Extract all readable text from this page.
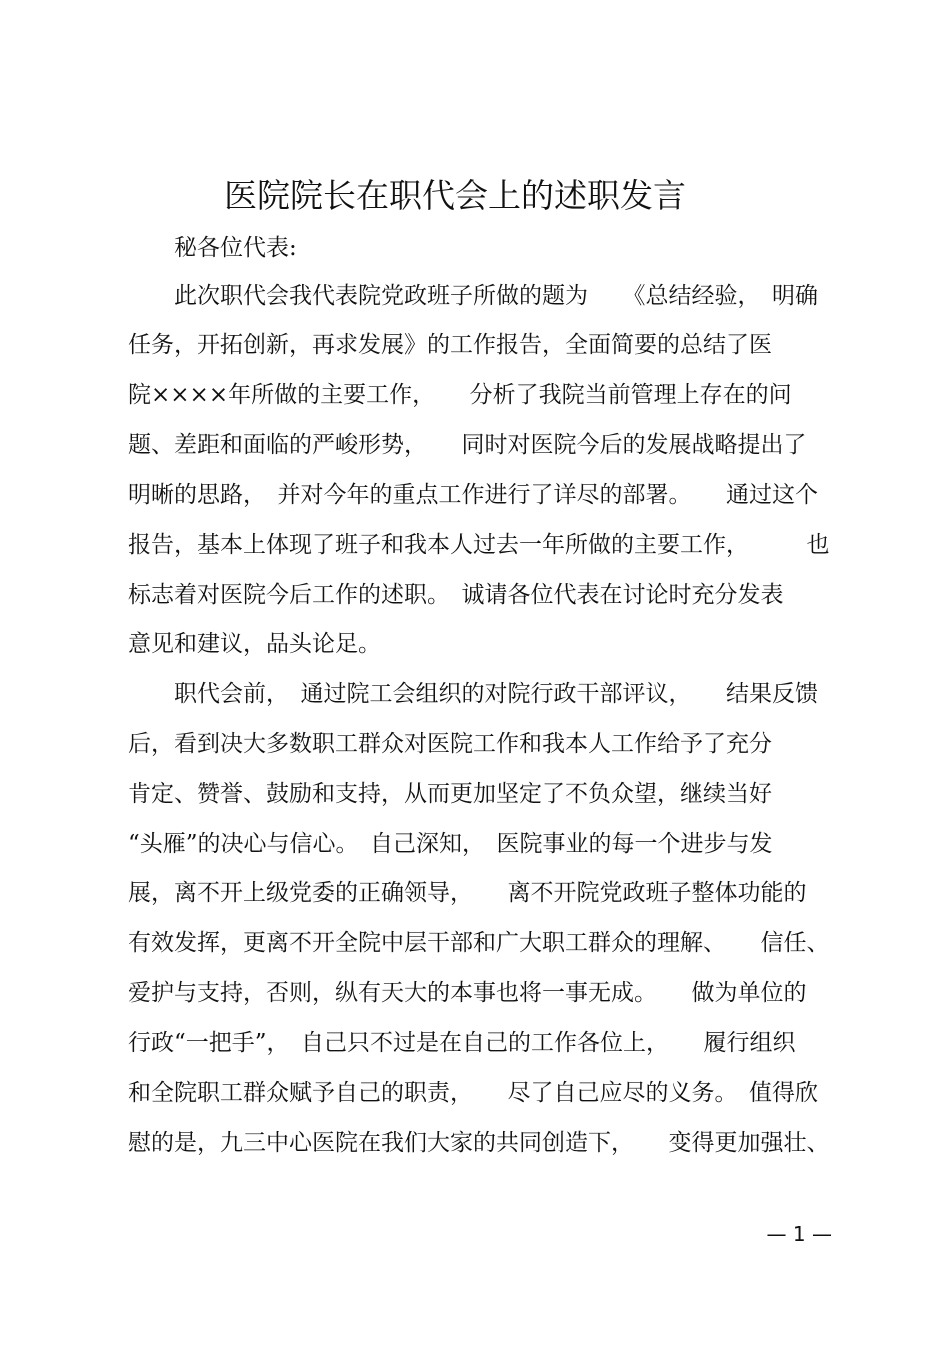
医院院长在职代会上的述职发言
　　秘各位代表:
　　此次职代会我代表院党政班子所做的题为　　《总结经验，　明确
任务，开拓创新，再求发展》的工作报告，全面简要的总结了医
院××××年所做的主要工作，　　分析了我院当前管理上存在的问
题、差距和面临的严峻形势，　　同时对医院今后的发展战略提出了
明晰的思路，　并对今年的重点工作进行了详尽的部署。　　通过这个
报告，基本上体现了班子和我本人过去一年所做的主要工作，　　　也
标志着对医院今后工作的述职。　诚请各位代表在讨论时充分发表
意见和建议，品头论足。
　　职代会前，　通过院工会组织的对院行政干部评议，　　结果反馈
后，看到决大多数职工群众对医院工作和我本人工作给予了充分
肯定、赞誉、鼓励和支持，从而更加坚定了不负众望，继续当好
“头雁”的决心与信心。　自己深知，　医院事业的每一个进步与发
展，离不开上级党委的正确领导，　　离不开院党政班子整体功能的
有效发挥，更离不开全院中层干部和广大职工群众的理解、　　信任、
爱护与支持，否则，纵有天大的本事也将一事无成。　　做为单位的
行政“一把手”，　自己只不过是在自己的工作各位上，　　履行组织
和全院职工群众赋予自己的职责，　　尽了自己应尽的义务。　值得欣
慰的是，九三中心医院在我们大家的共同创造下，　　变得更加强壮、
— 1 —
